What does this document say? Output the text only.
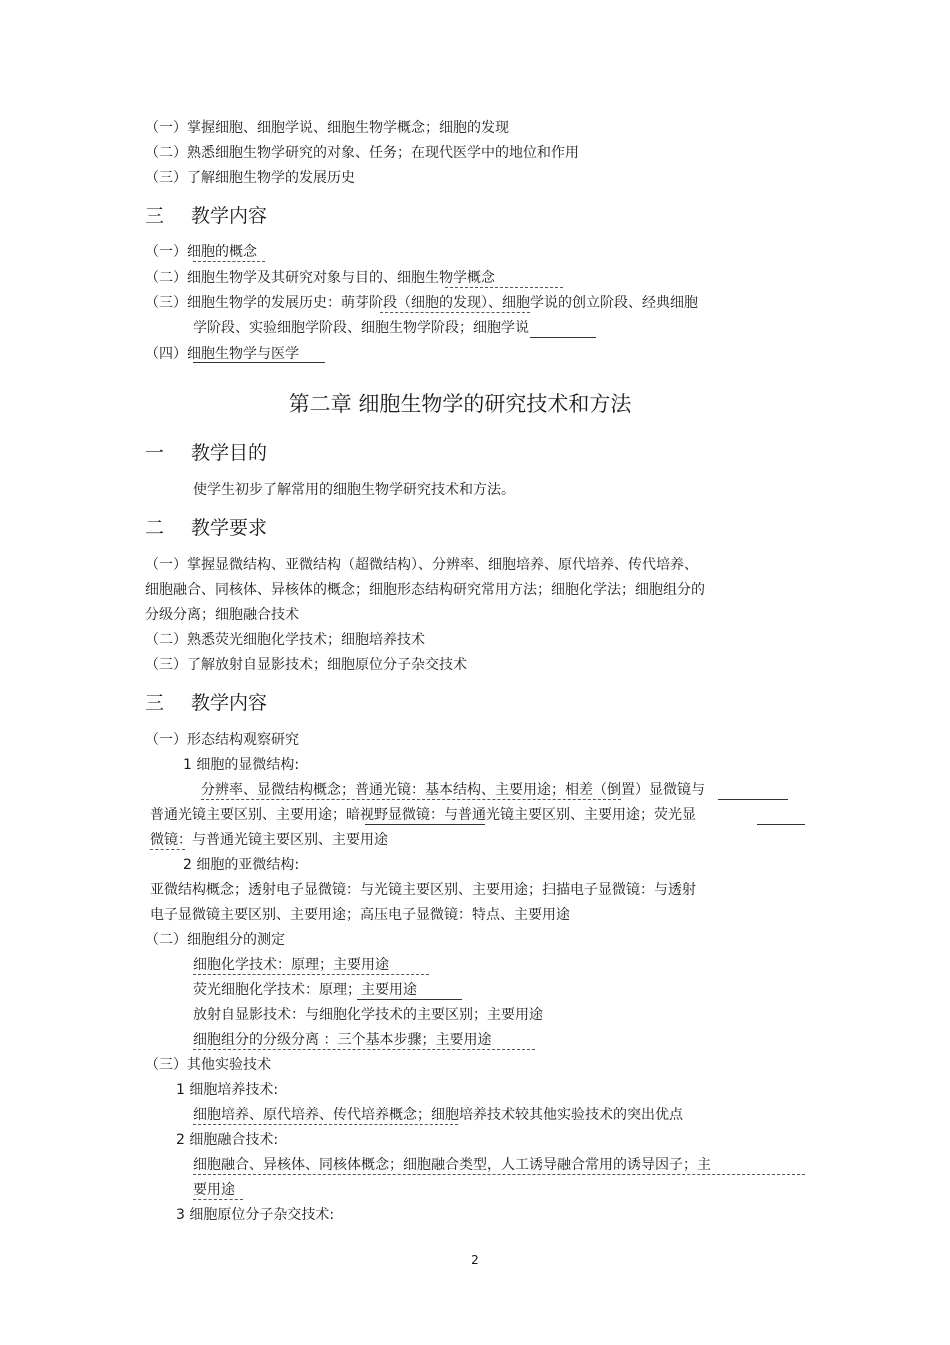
（一）掌握细胞、细胞学说、细胞生物学概念；细胞的发现
（二）熟悉细胞生物学研究的对象、任务；在现代医学中的地位和作用
（三）了解细胞生物学的发展历史
三 教学内容
（一）细胞的概念
（二）细胞生物学及其研究对象与目的、细胞生物学概念
（三）细胞生物学的发展历史：萌芽阶段（细胞的发现）、细胞学说的创立阶段、经典细胞
学阶段、实验细胞学阶段、细胞生物学阶段；细胞学说
（四）细胞生物学与医学
第二章 细胞生物学的研究技术和方法
一 教学目的
使学生初步了解常用的细胞生物学研究技术和方法。
二 教学要求
（一）掌握显微结构、亚微结构（超微结构）、分辨率、细胞培养、原代培养、传代培养、
细胞融合、同核体、异核体的概念；细胞形态结构研究常用方法；细胞化学法；细胞组分的
分级分离；细胞融合技术
（二）熟悉荧光细胞化学技术；细胞培养技术
（三）了解放射自显影技术；细胞原位分子杂交技术
三 教学内容
（一）形态结构观察研究
1 细胞的显微结构:
分辨率、显微结构概念；普通光镜：基本结构、主要用途；相差（倒置）显微镜与
普通光镜主要区别、主要用途；暗视野显微镜：与普通光镜主要区别、主要用途；荧光显
微镜：与普通光镜主要区别、主要用途
2 细胞的亚微结构:
亚微结构概念；透射电子显微镜：与光镜主要区别、主要用途；扫描电子显微镜：与透射
电子显微镜主要区别、主要用途；高压电子显微镜：特点、主要用途
（二）细胞组分的测定
细胞化学技术：原理；主要用途
荧光细胞化学技术：原理；主要用途
放射自显影技术：与细胞化学技术的主要区别；主要用途
细胞组分的分级分离 ：三个基本步骤；主要用途
（三）其他实验技术
1 细胞培养技术:
细胞培养、原代培养、传代培养概念；细胞培养技术较其他实验技术的突出优点
2 细胞融合技术:
细胞融合、异核体、同核体概念；细胞融合类型，人工诱导融合常用的诱导因子；主
要用途
3 细胞原位分子杂交技术:
2
